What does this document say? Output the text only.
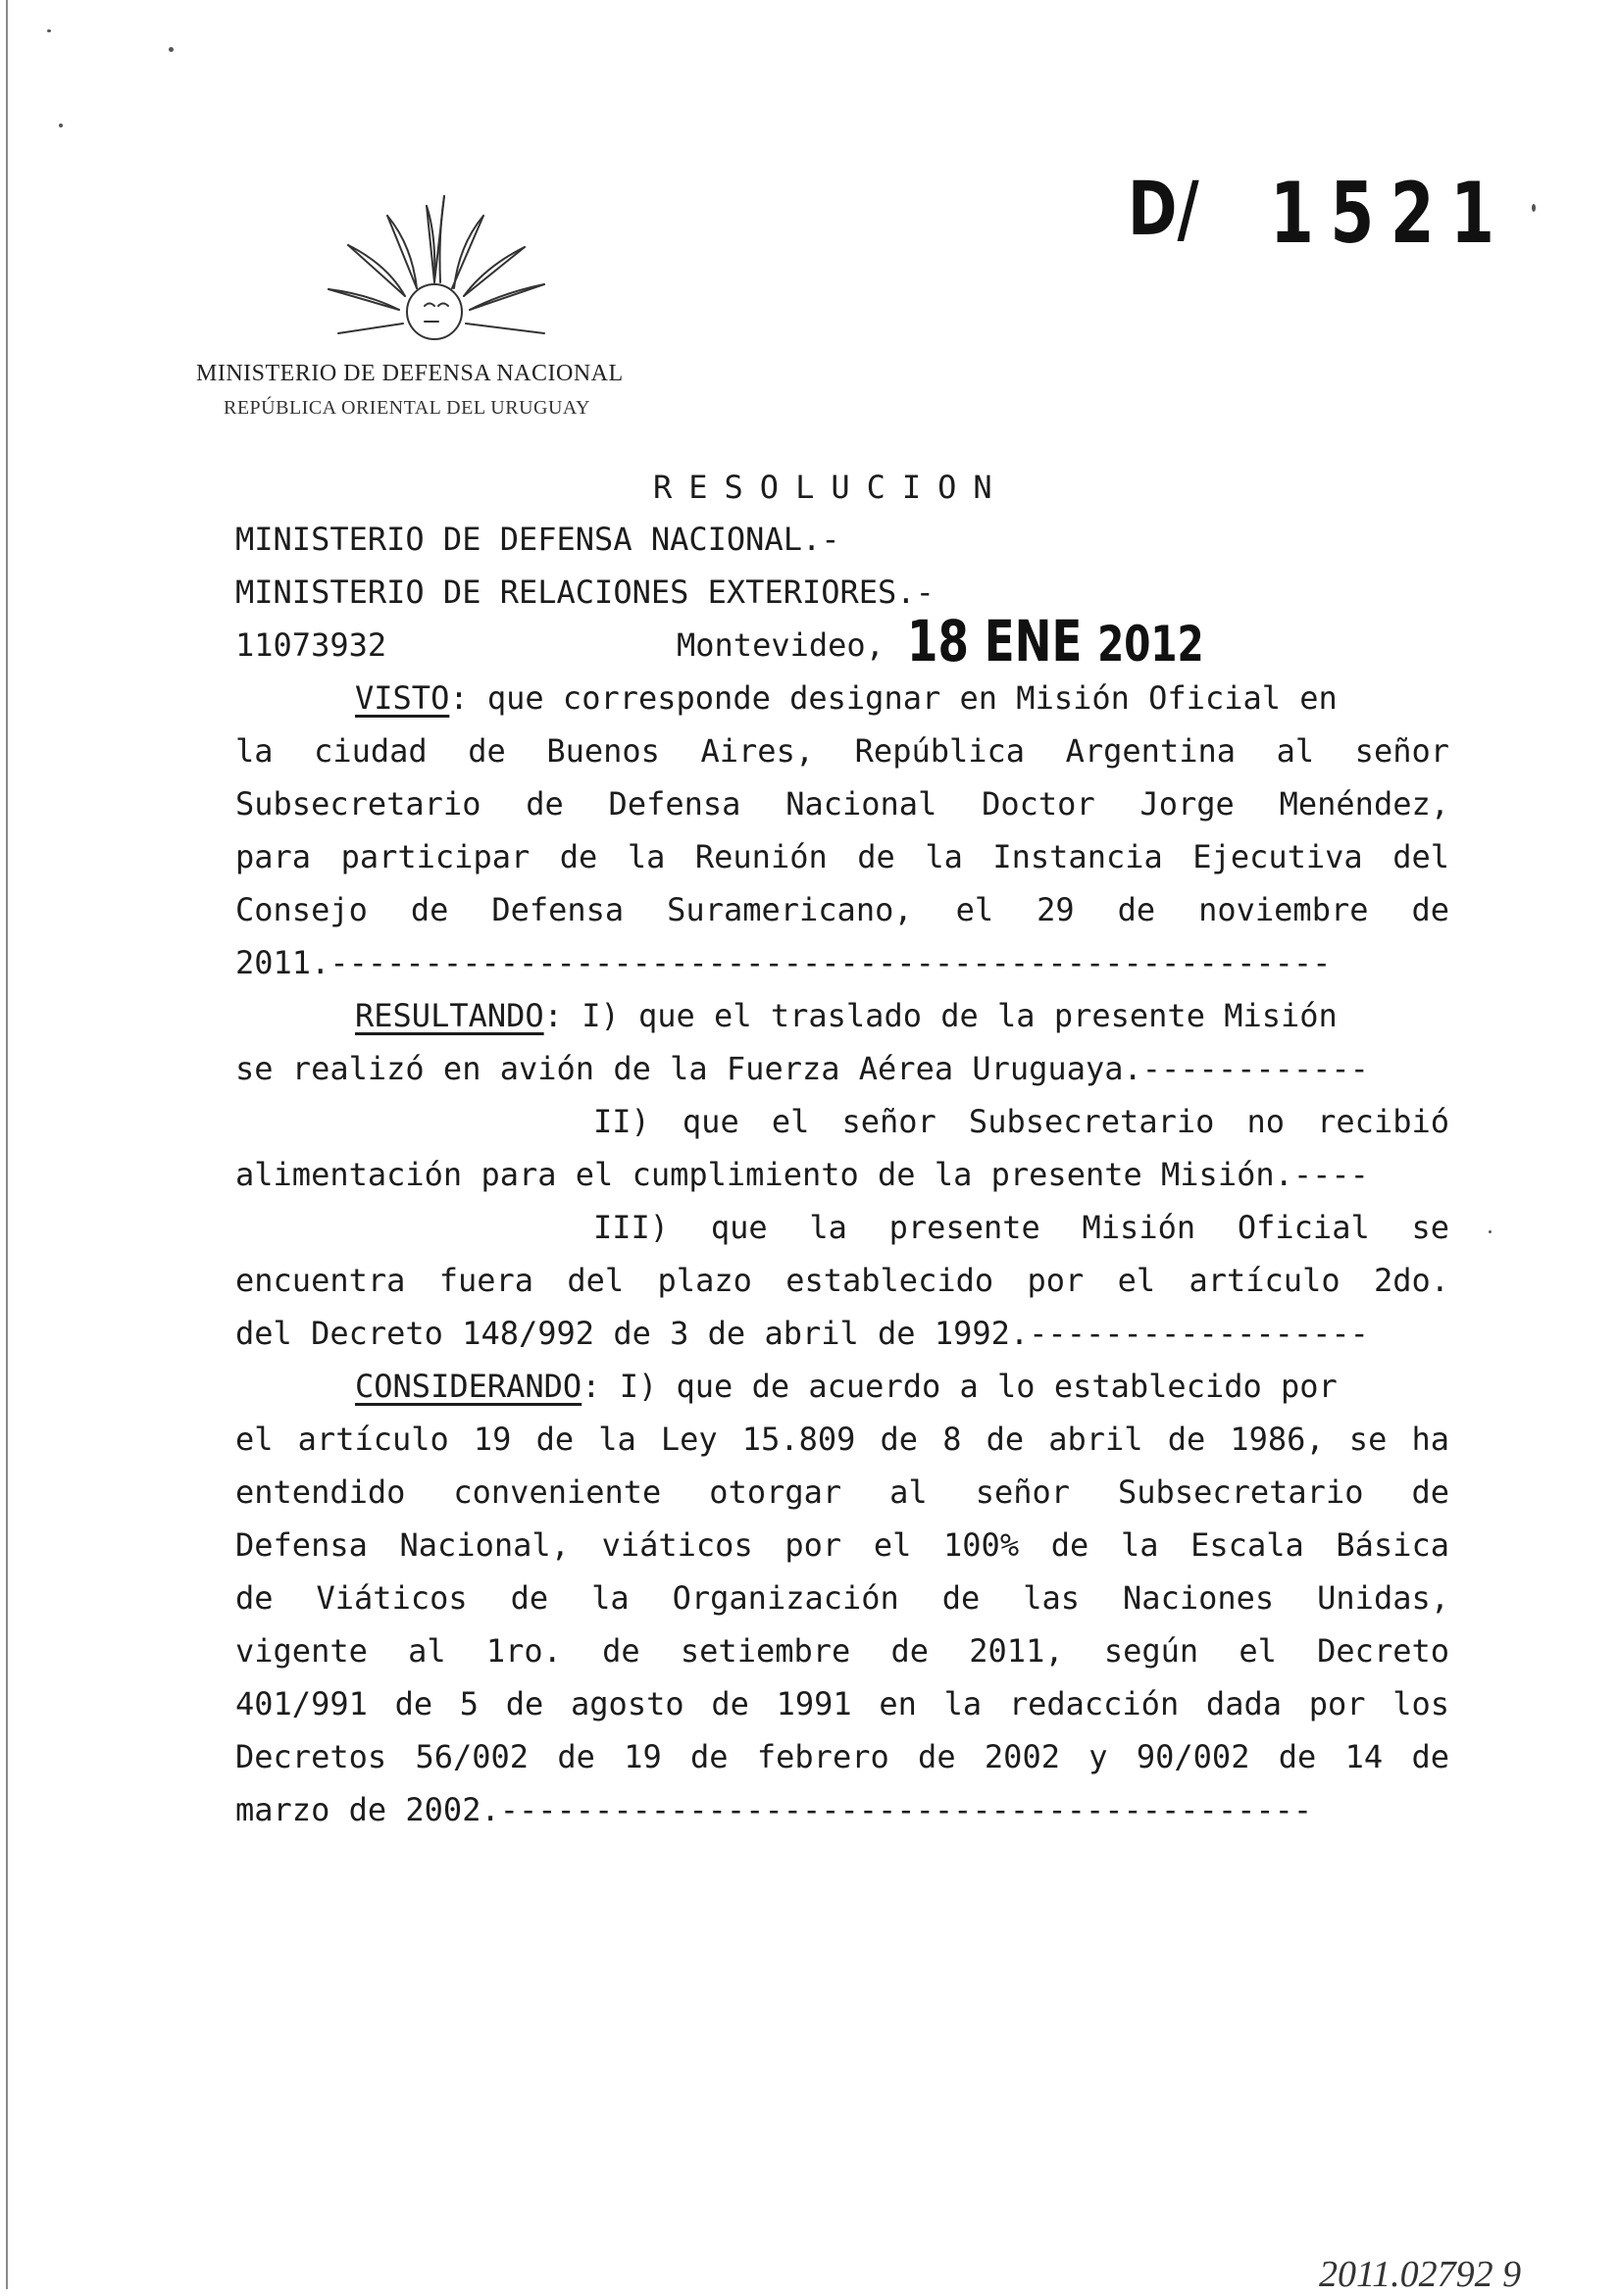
MINISTERIO DE DEFENSA NACIONAL
REPÚBLICA ORIENTAL DEL URUGUAY
D/ 1521
RESOLUCION
MINISTERIO DE DEFENSA NACIONAL.-
MINISTERIO DE RELACIONES EXTERIORES.-
11073932	Montevideo, 18 ENE 2012
VISTO: que corresponde designar en Misión Oficial en
la ciudad de Buenos Aires, República Argentina al señor
Subsecretario de Defensa Nacional Doctor Jorge Menéndez,
para participar de la Reunión de la Instancia Ejecutiva del
Consejo de Defensa Suramericano, el 29 de noviembre de
2011.-----------------------------------------------------
RESULTANDO: I) que el traslado de la presente Misión
se realizó en avión de la Fuerza Aérea Uruguaya.------------
II) que el señor Subsecretario no recibió
alimentación para el cumplimiento de la presente Misión.----
III) que la presente Misión Oficial se
encuentra fuera del plazo establecido por el artículo 2do.
del Decreto 148/992 de 3 de abril de 1992.------------------
CONSIDERANDO: I) que de acuerdo a lo establecido por
el artículo 19 de la Ley 15.809 de 8 de abril de 1986, se ha
entendido conveniente otorgar al señor Subsecretario de
Defensa Nacional, viáticos por el 100% de la Escala Básica
de Viáticos de la Organización de las Naciones Unidas,
vigente al 1ro. de setiembre de 2011, según el Decreto
401/991 de 5 de agosto de 1991 en la redacción dada por los
Decretos 56/002 de 19 de febrero de 2002 y 90/002 de 14 de
marzo de 2002.-------------------------------------------
2011.02792 9
